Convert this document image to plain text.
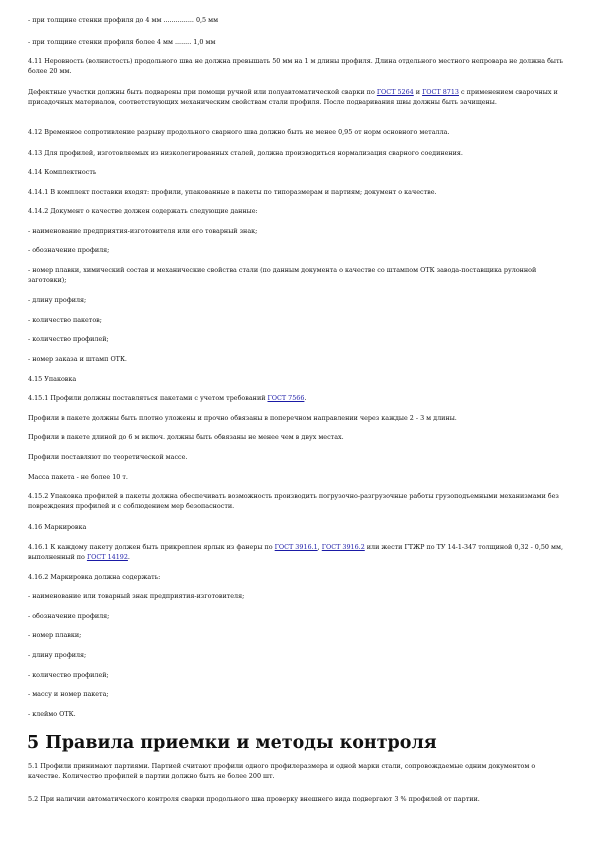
- при толщине стенки профиля до 4 мм ............... 0,5 мм
- при толщине стенки профиля более 4 мм ........ 1,0 мм
4.11 Неровность (волнистость) продольного шва не должна превышать 50 мм на 1 м длины профиля. Длина отдельного местного непровара не должна быть более 20 мм.
Дефектные участки должны быть подварены при помощи ручной или полуавтоматической сварки по ГОСТ 5264 и ГОСТ 8713 с применением сварочных и присадочных материалов, соответствующих механическим свойствам стали профиля. После подваривания швы должны быть зачищены.
4.12 Временное сопротивление разрыву продольного сварного шва должно быть не менее 0,95 от норм основного металла.
4.13 Для профилей, изготовляемых из низколегированных сталей, должна производиться нормализация сварного соединения.
4.14 Комплектность
4.14.1 В комплект поставки входят: профили, упакованные в пакеты по типоразмерам и партиям; документ о качестве.
4.14.2 Документ о качестве должен содержать следующие данные:
- наименование предприятия-изготовителя или его товарный знак;
- обозначение профиля;
- номер плавки, химический состав и механические свойства стали (по данным документа о качестве со штампом ОТК завода-поставщика рулонной заготовки);
- длину профиля;
- количество пакетов;
- количество профилей;
- номер заказа и штамп ОТК.
4.15 Упаковка
4.15.1 Профили должны поставляться пакетами с учетом требований ГОСТ 7566.
Профили в пакете должны быть плотно уложены и прочно обвязаны в поперечном направлении через каждые 2 - 3 м длины.
Профили в пакете длиной до 6 м включ. должны быть обвязаны не менее чем в двух местах.
Профили поставляют по теоретической массе.
Масса пакета - не более 10 т.
4.15.2 Упаковка профилей в пакеты должна обеспечивать возможность производить погрузочно-разгрузочные работы грузоподъемными механизмами без повреждения профилей и с соблюдением мер безопасности.
4.16 Маркировка
4.16.1 К каждому пакету должен быть прикреплен ярлык из фанеры по ГОСТ 3916.1, ГОСТ 3916.2 или жести ГТЖР по ТУ 14-1-347 толщиной 0,32 - 0,50 мм, выполненный по ГОСТ 14192.
4.16.2 Маркировка должна содержать:
- наименование или товарный знак предприятия-изготовителя;
- обозначение профиля;
- номер плавки;
- длину профиля;
- количество профилей;
- массу и номер пакета;
- клеймо ОТК.
5 Правила приемки и методы контроля
5.1 Профили принимают партиями. Партией считают профили одного профилеразмера и одной марки стали, сопровождаемые одним документом о качестве. Количество профилей в партии должно быть не более 200 шт.
5.2 При наличии автоматического контроля сварки продольного шва проверку внешнего вида подвергают 3 % профилей от партии.
